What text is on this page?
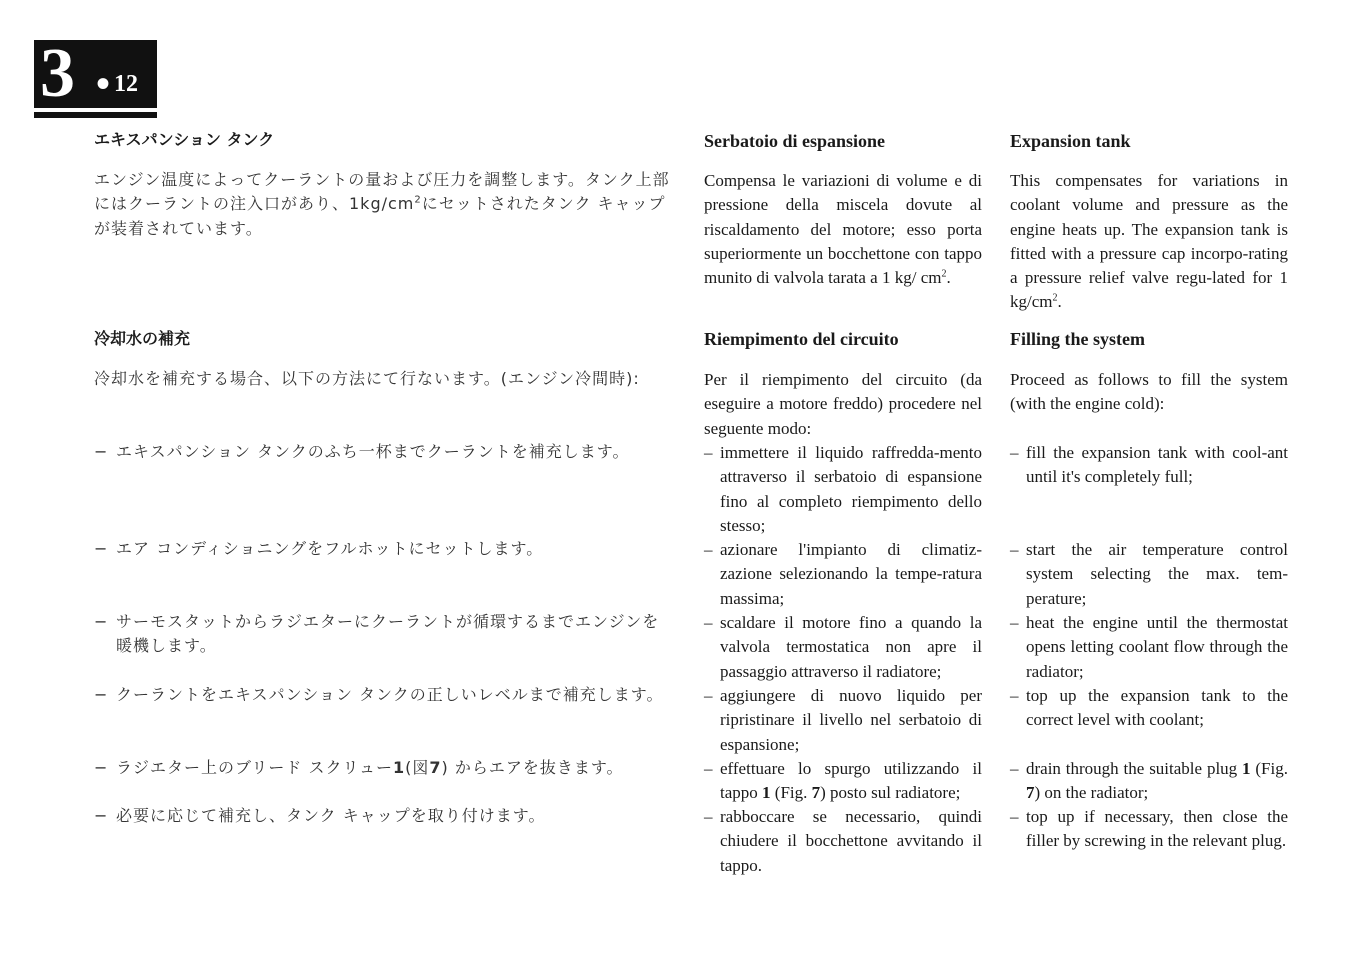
3 • 12
エキスパンション タンク
エンジン温度によってクーラントの量および圧力を調整します。タンク上部にはクーラントの注入口があり、$1kg/cm^2$にセットされたタンク キャップが装着されています。
冷却水の補充
冷却水を補充する場合、以下の方法にて行ないます。(エンジン冷間時):
− エキスパンション タンクのふち一杯までクーラントを補充します。
− エア コンディショニングをフルホットにセットします。
− サーモスタットからラジエターにクーラントが循環するまでエンジンを暖機します。
− クーラントをエキスパンション タンクの正しいレベルまで補充します。
− ラジエター上のブリード スクリュー1(図7) からエアを抜きます。
− 必要に応じて補充し、タンク キャップを取り付けます。
Serbatoio di espansione
Compensa le variazioni di volume e di pressione della miscela dovute al riscaldamento del motore; esso porta superiormente un bocchettone con tappo munito di valvola tarata a 1 kg/ $cm^2$.
Riempimento del circuito
Per il riempimento del circuito (da eseguire a motore freddo) procedere nel seguente modo:
– immettere il liquido raffredda-mento attraverso il serbatoio di espansione fino al completo riempimento dello stesso;
– azionare l'impianto di climatiz-zazione selezionando la tempe-ratura massima;
– scaldare il motore fino a quando la valvola termostatica non apre il passaggio attraverso il radiatore;
– aggiungere di nuovo liquido per ripristinare il livello nel serbatoio di espansione;
– effettuare lo spurgo utilizzando il tappo 1 (Fig. 7) posto sul radiatore;
– rabboccare se necessario, quindi chiudere il bocchettone avvitando il tappo.
Expansion tank
This compensates for variations in coolant volume and pressure as the engine heats up. The expansion tank is fitted with a pressure cap incorpo-rating a pressure relief valve regu-lated for 1 $kg/cm^2$.
Filling the system
Proceed as follows to fill the system (with the engine cold):
– fill the expansion tank with cool-ant until it's completely full;
– start the air temperature control system selecting the max. tem-perature;
– heat the engine until the thermostat opens letting coolant flow through the radiator;
– top up the expansion tank to the correct level with coolant;
– drain through the suitable plug 1 (Fig. 7) on the radiator;
– top up if necessary, then close the filler by screwing in the relevant plug.
